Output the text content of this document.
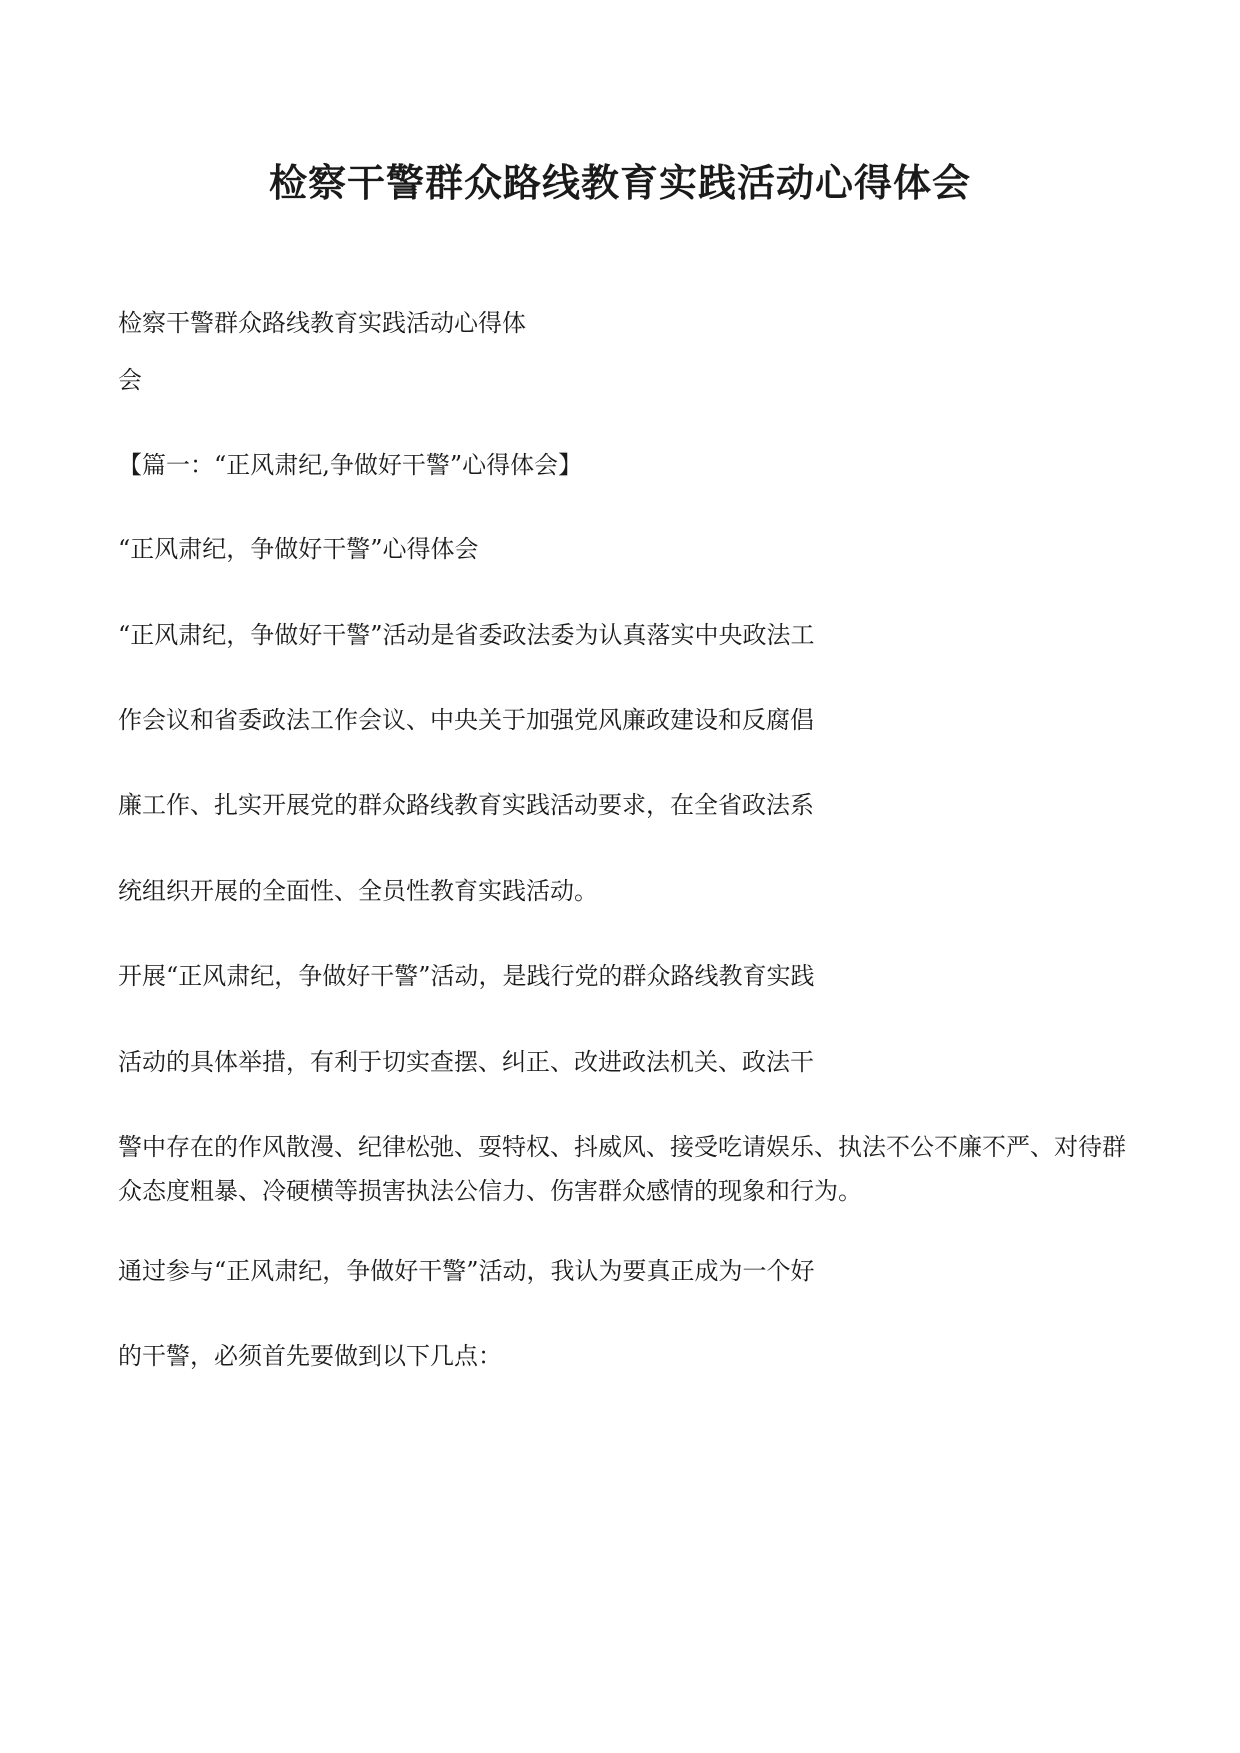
检察干警群众路线教育实践活动心得体会

检察干警群众路线教育实践活动心得体

会

【篇一：“正风肃纪,争做好干警”心得体会】

“正风肃纪，争做好干警”心得体会

“正风肃纪，争做好干警”活动是省委政法委为认真落实中央政法工

作会议和省委政法工作会议、中央关于加强党风廉政建设和反腐倡

廉工作、扎实开展党的群众路线教育实践活动要求，在全省政法系

统组织开展的全面性、全员性教育实践活动。

开展“正风肃纪，争做好干警”活动，是践行党的群众路线教育实践

活动的具体举措，有利于切实查摆、纠正、改进政法机关、政法干

警中存在的作风散漫、纪律松弛、耍特权、抖威风、接受吃请娱乐、执法不公不廉不严、对待群众态度粗暴、冷硬横等损害执法公信力、伤害群众感情的现象和行为。

通过参与“正风肃纪，争做好干警”活动，我认为要真正成为一个好

的干警，必须首先要做到以下几点：
